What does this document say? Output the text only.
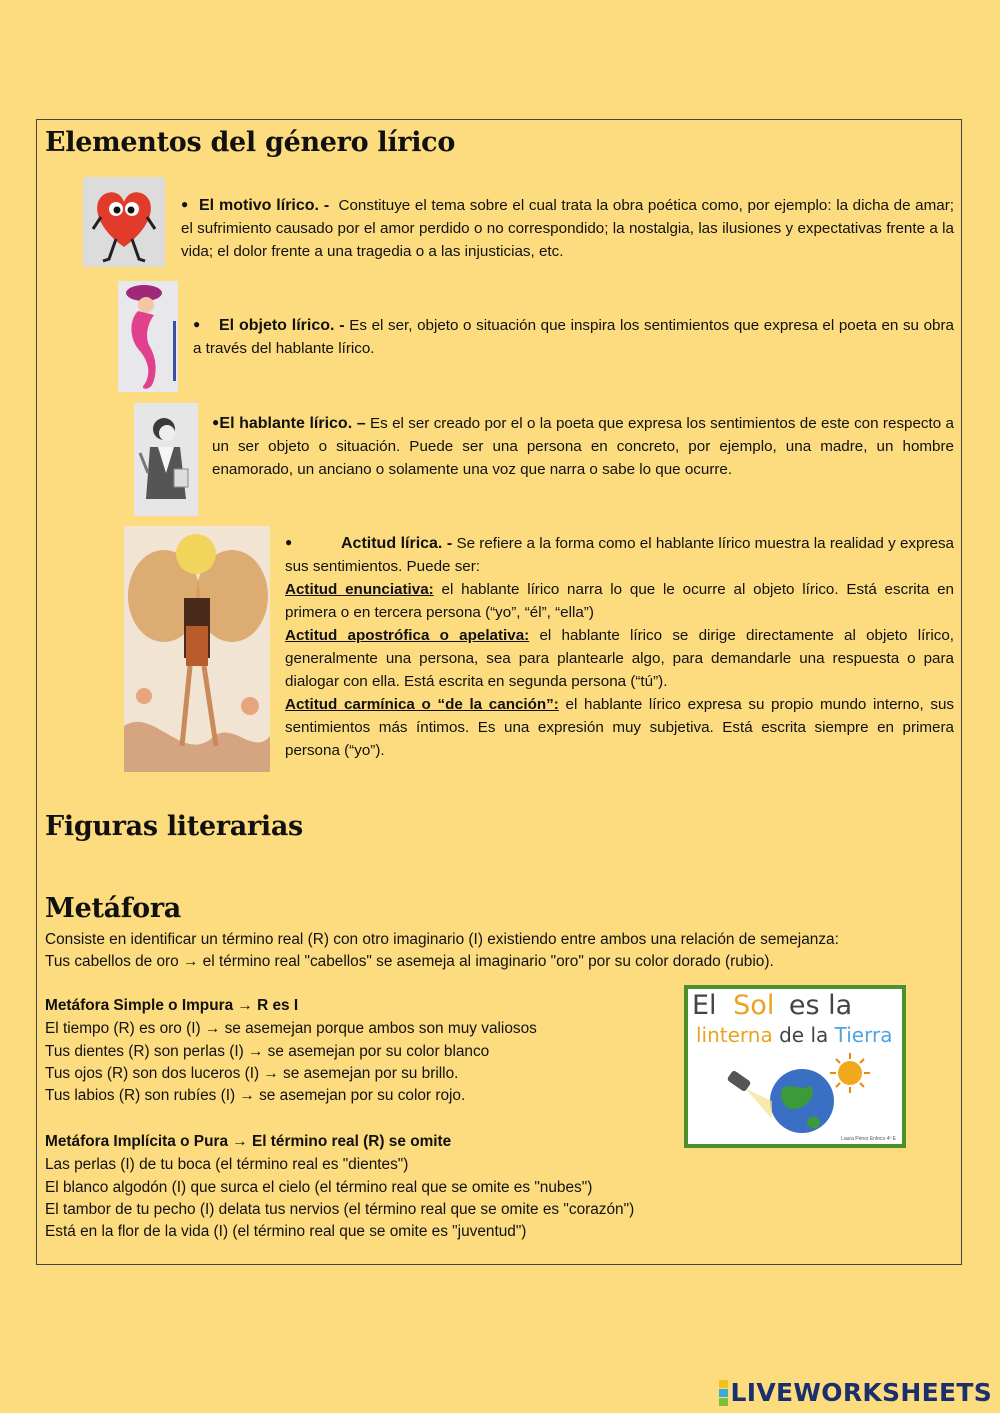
Elementos del género lírico

● El motivo lírico. - Constituye el tema sobre el cual trata la obra poética como, por ejemplo: la dicha de amar; el sufrimiento causado por el amor perdido o no correspondido; la nostalgia, las ilusiones y expectativas frente a la vida; el dolor frente a una tragedia o a las injusticias, etc.

● El objeto lírico. - Es el ser, objeto o situación que inspira los sentimientos que expresa el poeta en su obra a través del hablante lírico.

●El hablante lírico. – Es el ser creado por el o la poeta que expresa los sentimientos de este con respecto a un ser objeto o situación. Puede ser una persona en concreto, por ejemplo, una madre, un hombre enamorado, un anciano o solamente una voz que narra o sabe lo que ocurre.

●	Actitud lírica. - Se refiere a la forma como el hablante lírico muestra la realidad y expresa sus sentimientos. Puede ser:

Actitud enunciativa: el hablante lírico narra lo que le ocurre al objeto lírico. Está escrita en primera o en tercera persona (“yo”, “él”, “ella”)

Actitud apostrófica o apelativa: el hablante lírico se dirige directamente al objeto lírico, generalmente una persona, sea para plantearle algo, para demandarle una respuesta o para dialogar con ella. Está escrita en segunda persona (“tú”).

Actitud carmínica o “de la canción”: el hablante lírico expresa su propio mundo interno, sus sentimientos más íntimos. Es una expresión muy subjetiva. Está escrita siempre en primera persona (“yo”).

Figuras literarias
Metáfora

Consiste en identificar un término real (R) con otro imaginario (I) existiendo entre ambos una relación de semejanza:

Tus cabellos de oro → el término real "cabellos" se asemeja al imaginario "oro" por su color dorado (rubio).

Metáfora Simple o Impura → R es I

El tiempo (R) es oro (I) → se asemejan porque ambos son muy valiosos

Tus dientes (R) son perlas (I) → se asemejan por su color blanco

Tus ojos (R) son dos luceros (I) → se asemejan por su brillo.

Tus labios (R) son rubíes (I) → se asemejan por su color rojo.

Metáfora Implícita o Pura → El término real (R) se omite

Las perlas (I) de tu boca (el término real es "dientes")

El blanco algodón (I) que surca el cielo (el término real que se omite es "nubes")

El tambor de tu pecho (I) delata tus nervios (el término real que se omite es "corazón")

Está en la flor de la vida (I) (el término real que se omite es "juventud")

El Sol es la
linterna de la Tierra
Laura Pérez Enfoco 4º E
LIVEWORKSHEETS
